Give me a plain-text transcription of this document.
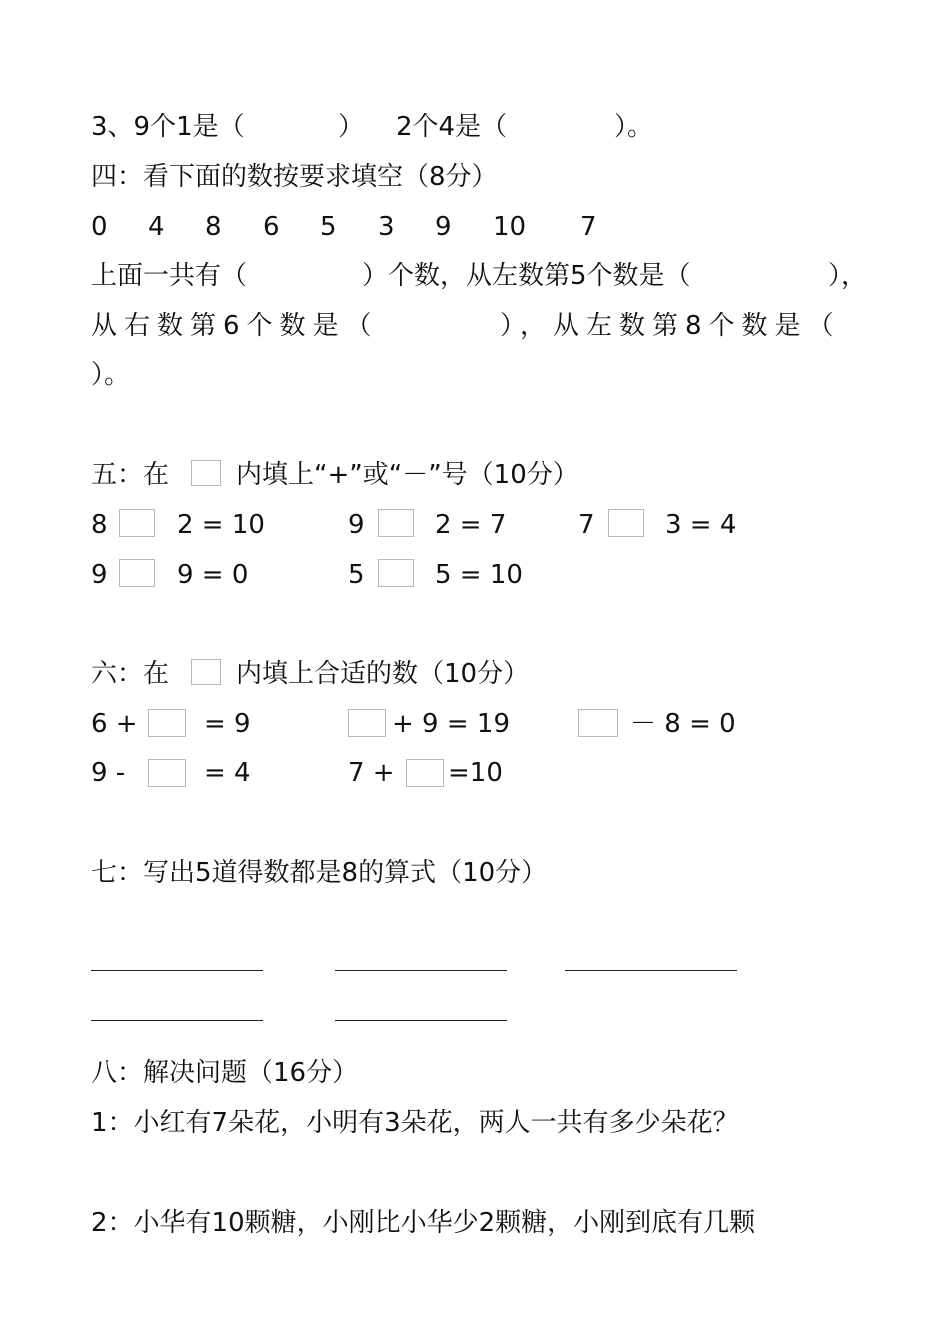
3、9个1是（	） 2个4是（	）。
四：看下面的数按要求填空（8分）
0 4 8 6 5 3 9 10 7
上面一共有（	）个数，从左数第5个数是（	），
从右数第6个数是（	），从左数第8个数是（
）。
五：在	内填上“+”或“－”号（10分）
8	2 = 10	9	2 = 7	7	3 = 4
9	9 = 0	5	5 = 10
六：在	内填上合适的数（10分）
6 +	= 9	+ 9 = 19	－ 8 = 0
9 -	= 4	7 + =10
七：写出5道得数都是8的算式（10分）
八：解决问题（16分）
1：小红有7朵花，小明有3朵花，两人一共有多少朵花？
2：小华有10颗糖，小刚比小华少2颗糖，小刚到底有几颗
